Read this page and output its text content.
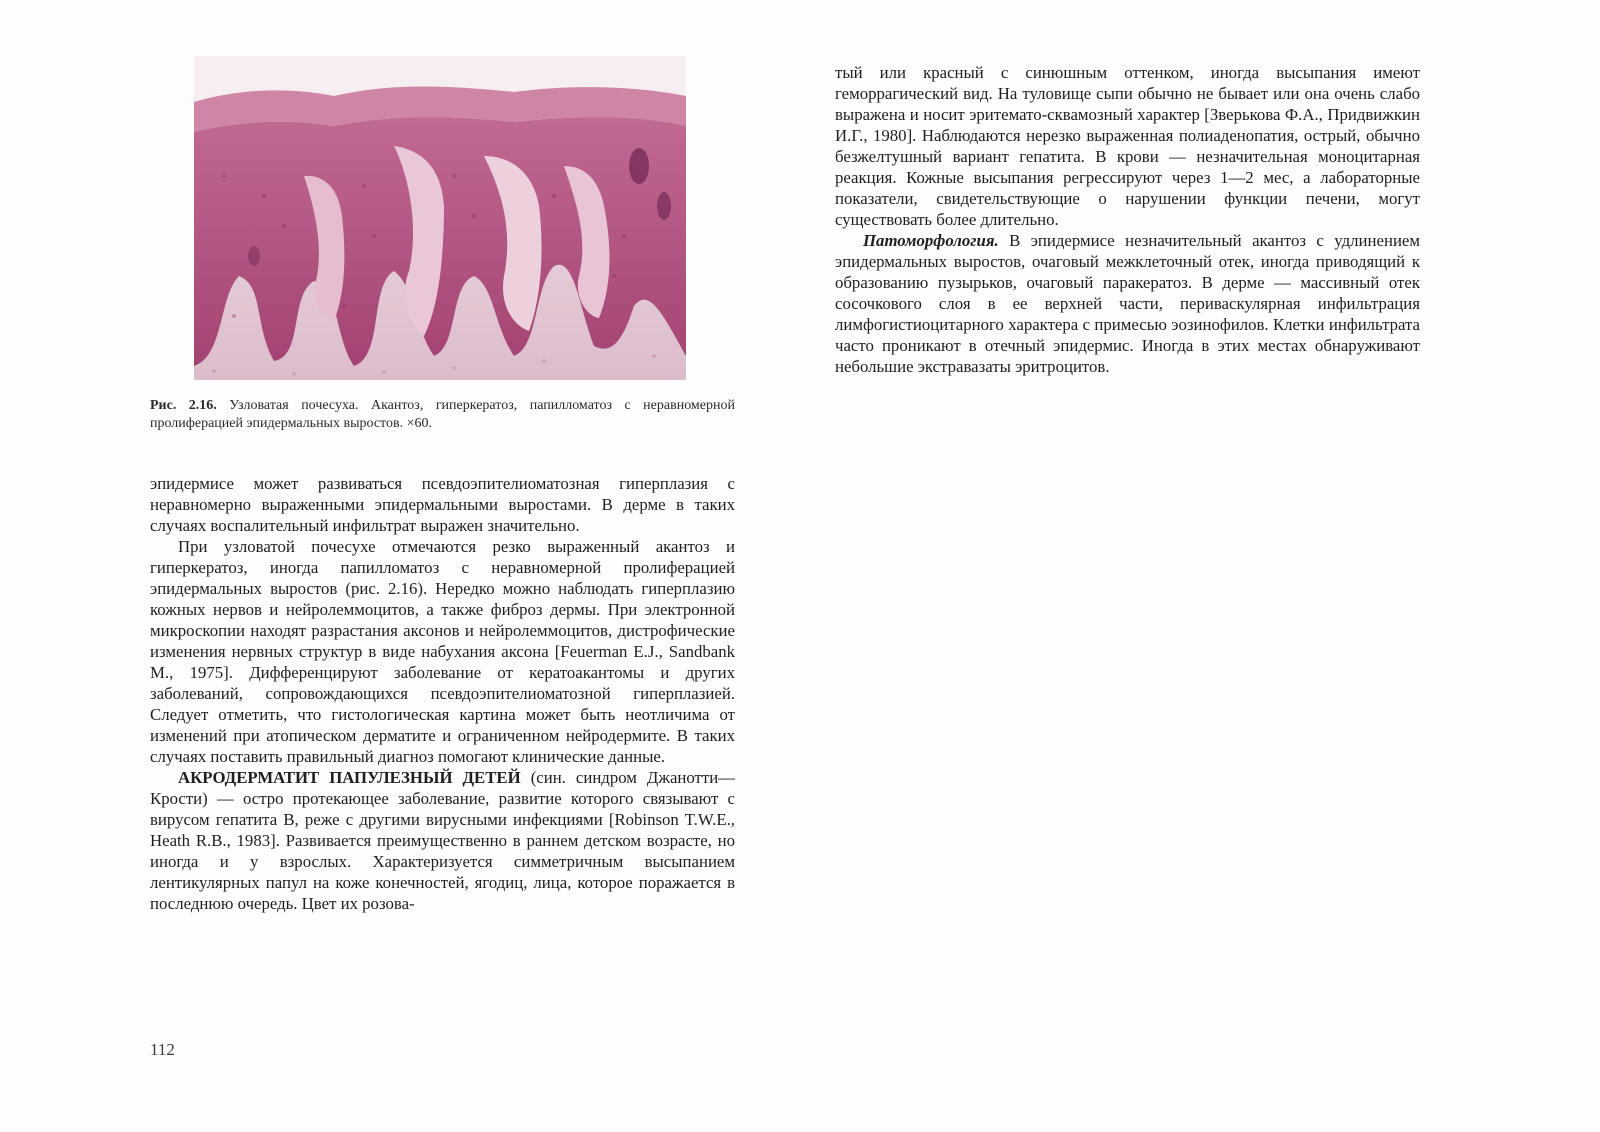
Рис. 2.16. Узловатая почесуха. Акантоз, гиперкератоз, папилломатоз с неравномерной пролиферацией эпидермальных выростов. ×60.

эпидермисе может развиваться псевдоэпителиоматозная гиперплазия с неравномерно выраженными эпидермальными выростами. В дерме в таких случаях воспалительный инфильтрат выражен значительно.

При узловатой почесухе отмечаются резко выраженный акантоз и гиперкератоз, иногда папилломатоз с неравномерной пролиферацией эпидермальных выростов (рис. 2.16). Нередко можно наблюдать гиперплазию кожных нервов и нейролеммоцитов, а также фиброз дермы. При электронной микроскопии находят разрастания аксонов и нейролеммоцитов, дистрофические изменения нервных структур в виде набухания аксона [Feuerman E.J., Sandbank M., 1975]. Дифференцируют заболевание от кератоакантомы и других заболеваний, сопровождающихся псевдоэпителиоматозной гиперплазией. Следует отметить, что гистологическая картина может быть неотличима от изменений при атопическом дерматите и ограниченном нейродермите. В таких случаях поставить правильный диагноз помогают клинические данные.

АКРОДЕРМАТИТ ПАПУЛЕЗНЫЙ ДЕТЕЙ (син. синдром Джанотти—Крости) — остро протекающее заболевание, развитие которого связывают с вирусом гепатита В, реже с другими вирусными инфекциями [Robinson T.W.E., Heath R.B., 1983]. Развивается преимущественно в раннем детском возрасте, но иногда и у взрослых. Характеризуется симметричным высыпанием лентикулярных папул на коже конечностей, ягодиц, лица, которое поражается в последнюю очередь. Цвет их розова-

112

тый или красный с синюшным оттенком, иногда высыпания имеют геморрагический вид. На туловище сыпи обычно не бывает или она очень слабо выражена и носит эритемато-сквамозный характер [Зверькова Ф.А., Придвижкин И.Г., 1980]. Наблюдаются нерезко выраженная полиаденопатия, острый, обычно безжелтушный вариант гепатита. В крови — незначительная моноцитарная реакция. Кожные высыпания регрессируют через 1—2 мес, а лабораторные показатели, свидетельствующие о нарушении функции печени, могут существовать более длительно.

Патоморфология. В эпидермисе незначительный акантоз с удлинением эпидермальных выростов, очаговый межклеточный отек, иногда приводящий к образованию пузырьков, очаговый паракератоз. В дерме — массивный отек сосочкового слоя в ее верхней части, периваскулярная инфильтрация лимфогистиоцитарного характера с примесью эозинофилов. Клетки инфильтрата часто проникают в отечный эпидермис. Иногда в этих местах обнаруживают небольшие экстравазаты эритроцитов.
